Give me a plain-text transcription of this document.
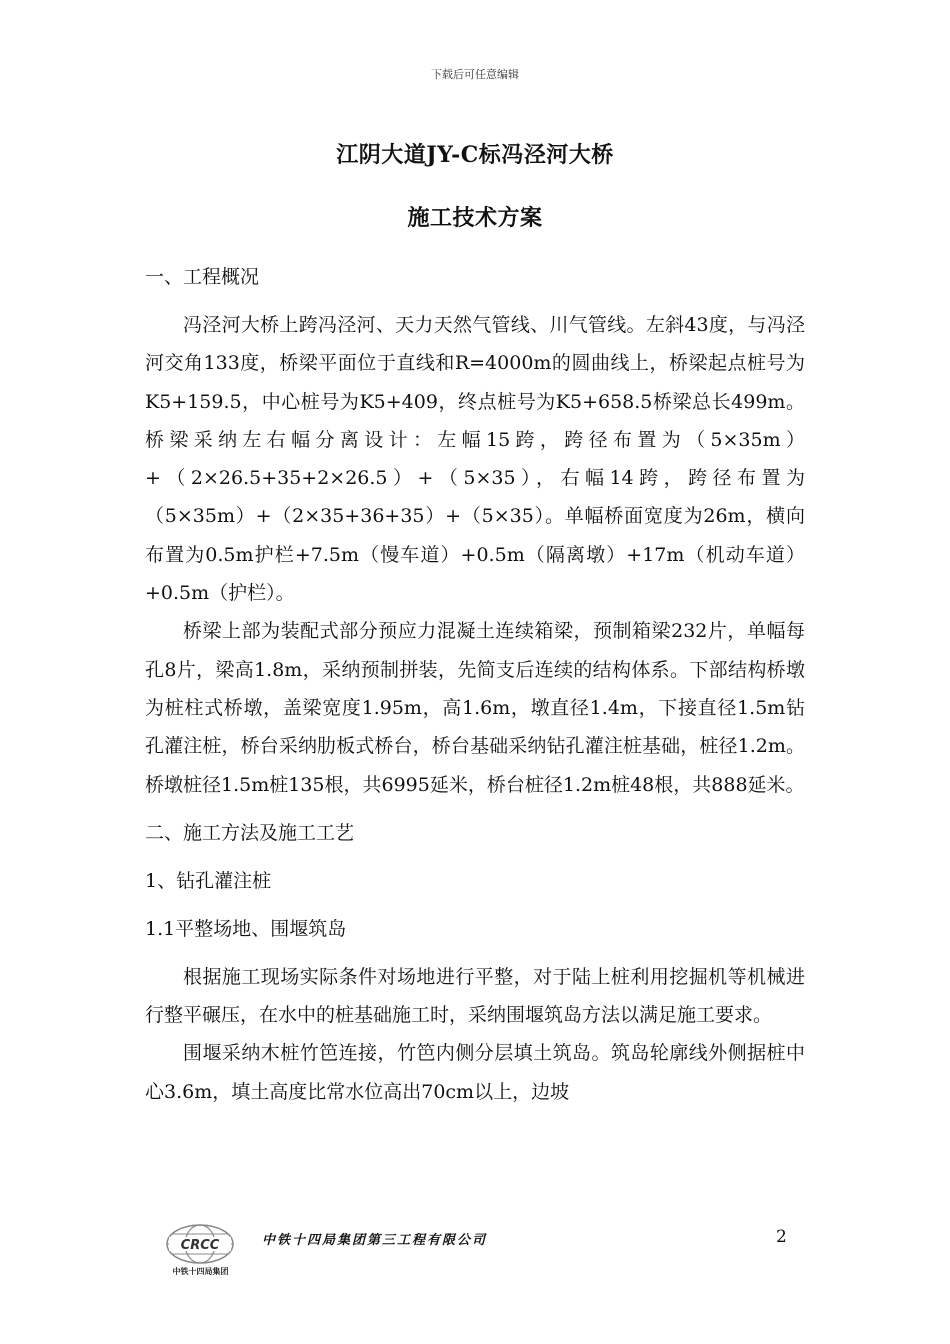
下载后可任意编辑
江阴大道JY-C标冯泾河大桥
施工技术方案

一、工程概况

冯泾河大桥上跨冯泾河、天力天然气管线、川气管线。左斜43度，与冯泾河交角133度，桥梁平面位于直线和R=4000m的圆曲线上，桥梁起点桩号为K5+159.5，中心桩号为K5+409，终点桩号为K5+658.5桥梁总长499m。桥梁采纳左右幅分离设计：左幅15跨，跨径布置为（5×35m）+（2×26.5+35+2×26.5）+（5×35），右幅14跨，跨径布置为（5×35m）+（2×35+36+35）+（5×35）。单幅桥面宽度为26m，横向布置为0.5m护栏+7.5m（慢车道）+0.5m（隔离墩）+17m（机动车道）+0.5m（护栏）。

桥梁上部为装配式部分预应力混凝土连续箱梁，预制箱梁232片，单幅每孔8片，梁高1.8m，采纳预制拼装，先简支后连续的结构体系。下部结构桥墩为桩柱式桥墩，盖梁宽度1.95m，高1.6m，墩直径1.4m，下接直径1.5m钻孔灌注桩，桥台采纳肋板式桥台，桥台基础采纳钻孔灌注桩基础，桩径1.2m。桥墩桩径1.5m桩135根，共6995延米，桥台桩径1.2m桩48根，共888延米。

二、施工方法及施工工艺

1、钻孔灌注桩

1.1平整场地、围堰筑岛

根据施工现场实际条件对场地进行平整，对于陆上桩利用挖掘机等机械进行整平碾压，在水中的桩基础施工时，采纳围堰筑岛方法以满足施工要求。

围堰采纳木桩竹笆连接，竹笆内侧分层填土筑岛。筑岛轮廓线外侧据桩中心3.6m，填土高度比常水位高出70cm以上，边坡

CRCC
中铁十四局集团
中铁十四局集团第三工程有限公司	2
